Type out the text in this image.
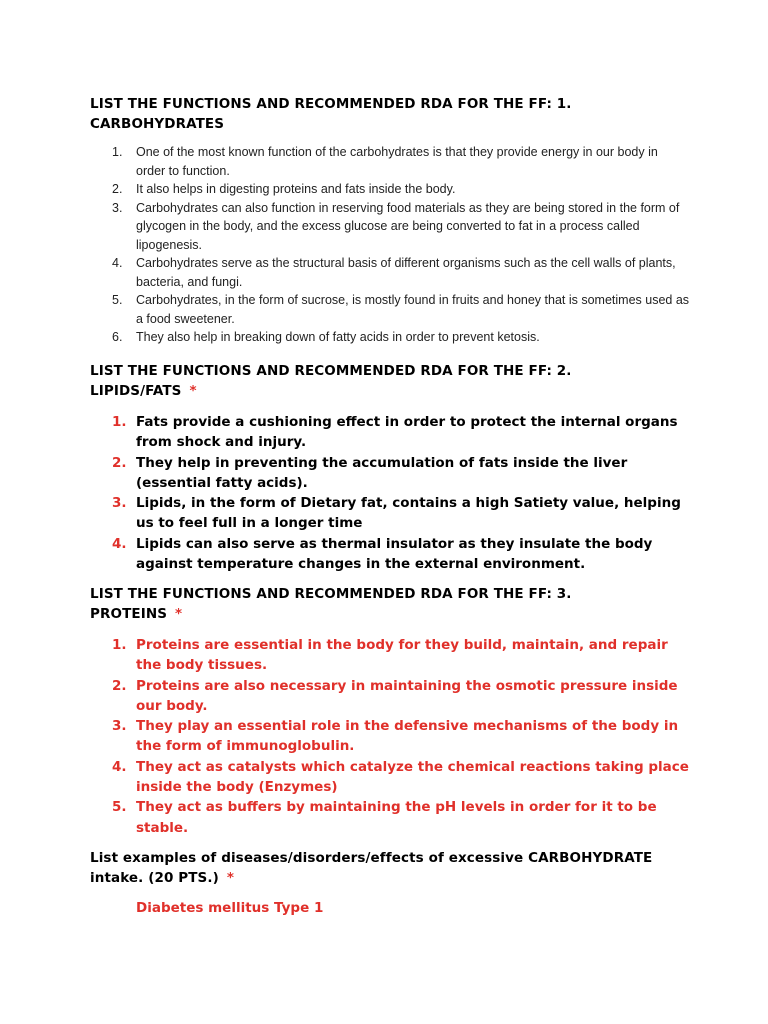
LIST THE FUNCTIONS AND RECOMMENDED RDA FOR THE FF: 1.
CARBOHYDRATES
1. One of the most known function of the carbohydrates is that they provide energy in our body in order to function.
2. It also helps in digesting proteins and fats inside the body.
3. Carbohydrates can also function in reserving food materials as they are being stored in the form of glycogen in the body, and the excess glucose are being converted to fat in a process called lipogenesis.
4. Carbohydrates serve as the structural basis of different organisms such as the cell walls of plants, bacteria, and fungi.
5. Carbohydrates, in the form of sucrose, is mostly found in fruits and honey that is sometimes used as a food sweetener.
6. They also help in breaking down of fatty acids in order to prevent ketosis.
LIST THE FUNCTIONS AND RECOMMENDED RDA FOR THE FF: 2.
LIPIDS/FATS *
1. Fats provide a cushioning effect in order to protect the internal organs from shock and injury.
2. They help in preventing the accumulation of fats inside the liver (essential fatty acids).
3. Lipids, in the form of Dietary fat, contains a high Satiety value, helping us to feel full in a longer time
4. Lipids can also serve as thermal insulator as they insulate the body against temperature changes in the external environment.
LIST THE FUNCTIONS AND RECOMMENDED RDA FOR THE FF: 3.
PROTEINS *
1. Proteins are essential in the body for they build, maintain, and repair the body tissues.
2. Proteins are also necessary in maintaining the osmotic pressure inside our body.
3. They play an essential role in the defensive mechanisms of the body in the form of immunoglobulin.
4. They act as catalysts which catalyze the chemical reactions taking place inside the body (Enzymes)
5. They act as buffers by maintaining the pH levels in order for it to be stable.
List examples of diseases/disorders/effects of excessive CARBOHYDRATE
intake. (20 PTS.) *
Diabetes mellitus Type 1
